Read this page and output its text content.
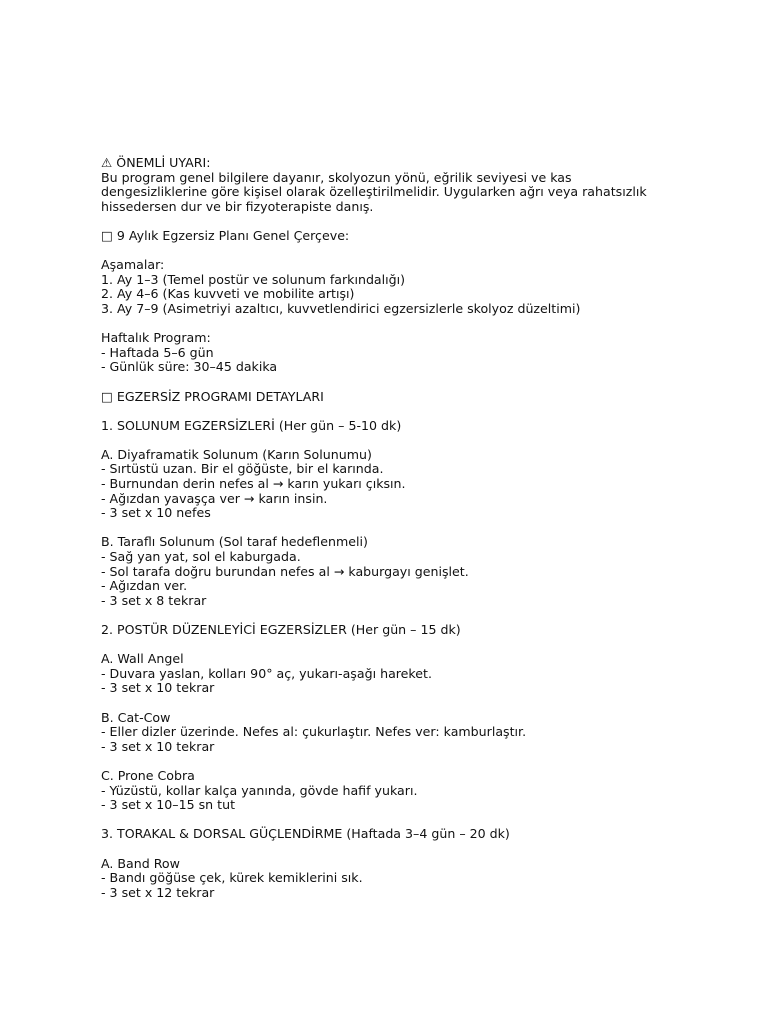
⚠ ÖNEMLİ UYARI:
Bu program genel bilgilere dayanır, skolyozun yönü, eğrilik seviyesi ve kas
dengesizliklerine göre kişisel olarak özelleştirilmelidir. Uygularken ağrı veya rahatsızlık
hissedersen dur ve bir fizyoterapiste danış.
□ 9 Aylık Egzersiz Planı Genel Çerçeve:
Aşamalar:
1. Ay 1–3 (Temel postür ve solunum farkındalığı)
2. Ay 4–6 (Kas kuvveti ve mobilite artışı)
3. Ay 7–9 (Asimetriyi azaltıcı, kuvvetlendirici egzersizlerle skolyoz düzeltimi)
Haftalık Program:
- Haftada 5–6 gün
- Günlük süre: 30–45 dakika
□ EGZERSİZ PROGRAMI DETAYLARI
1. SOLUNUM EGZERSİZLERİ (Her gün – 5-10 dk)
A. Diyaframatik Solunum (Karın Solunumu)
- Sırtüstü uzan. Bir el göğüste, bir el karında.
- Burnundan derin nefes al → karın yukarı çıksın.
- Ağızdan yavaşça ver → karın insin.
- 3 set x 10 nefes
B. Taraflı Solunum (Sol taraf hedeflenmeli)
- Sağ yan yat, sol el kaburgada.
- Sol tarafa doğru burundan nefes al → kaburgayı genişlet.
- Ağızdan ver.
- 3 set x 8 tekrar
2. POSTÜR DÜZENLEYİCİ EGZERSİZLER (Her gün – 15 dk)
A. Wall Angel
- Duvara yaslan, kolları 90° aç, yukarı-aşağı hareket.
- 3 set x 10 tekrar
B. Cat-Cow
- Eller dizler üzerinde. Nefes al: çukurlaştır. Nefes ver: kamburlaştır.
- 3 set x 10 tekrar
C. Prone Cobra
- Yüzüstü, kollar kalça yanında, gövde hafif yukarı.
- 3 set x 10–15 sn tut
3. TORAKAL & DORSAL GÜÇLENDİRME (Haftada 3–4 gün – 20 dk)
A. Band Row
- Bandı göğüse çek, kürek kemiklerini sık.
- 3 set x 12 tekrar
